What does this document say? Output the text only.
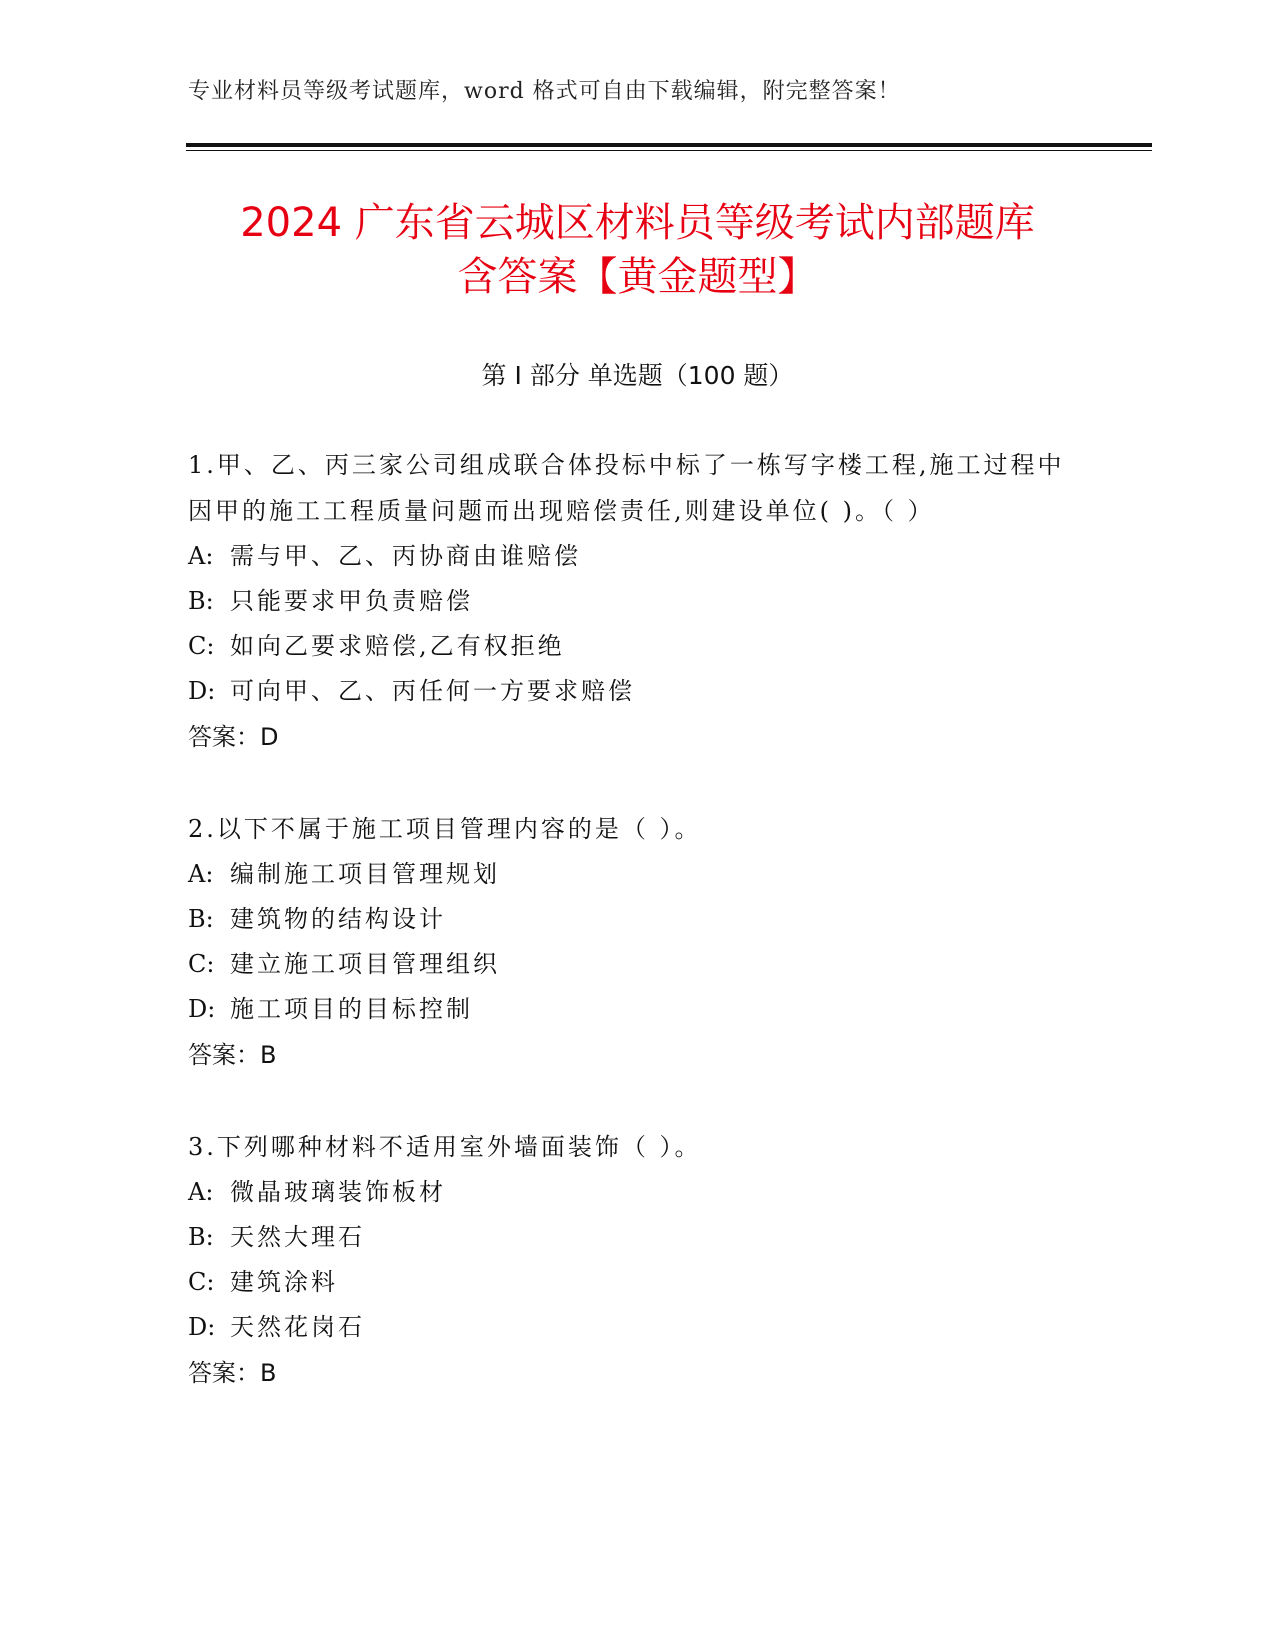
专业材料员等级考试题库，word 格式可自由下载编辑，附完整答案！
2024 广东省云城区材料员等级考试内部题库
含答案【黄金题型】
第 I 部分 单选题（100 题）

1.甲、乙、丙三家公司组成联合体投标中标了一栋写字楼工程,施工过程中因甲的施工工程质量问题而出现赔偿责任,则建设单位( )。（ ）

A: 需与甲、乙、丙协商由谁赔偿

B: 只能要求甲负责赔偿

C: 如向乙要求赔偿,乙有权拒绝

D: 可向甲、乙、丙任何一方要求赔偿

答案：D

2.以下不属于施工项目管理内容的是（ ）。

A: 编制施工项目管理规划

B: 建筑物的结构设计

C: 建立施工项目管理组织

D: 施工项目的目标控制

答案：B

3.下列哪种材料不适用室外墙面装饰（ ）。

A: 微晶玻璃装饰板材

B: 天然大理石

C: 建筑涂料

D: 天然花岗石

答案：B
